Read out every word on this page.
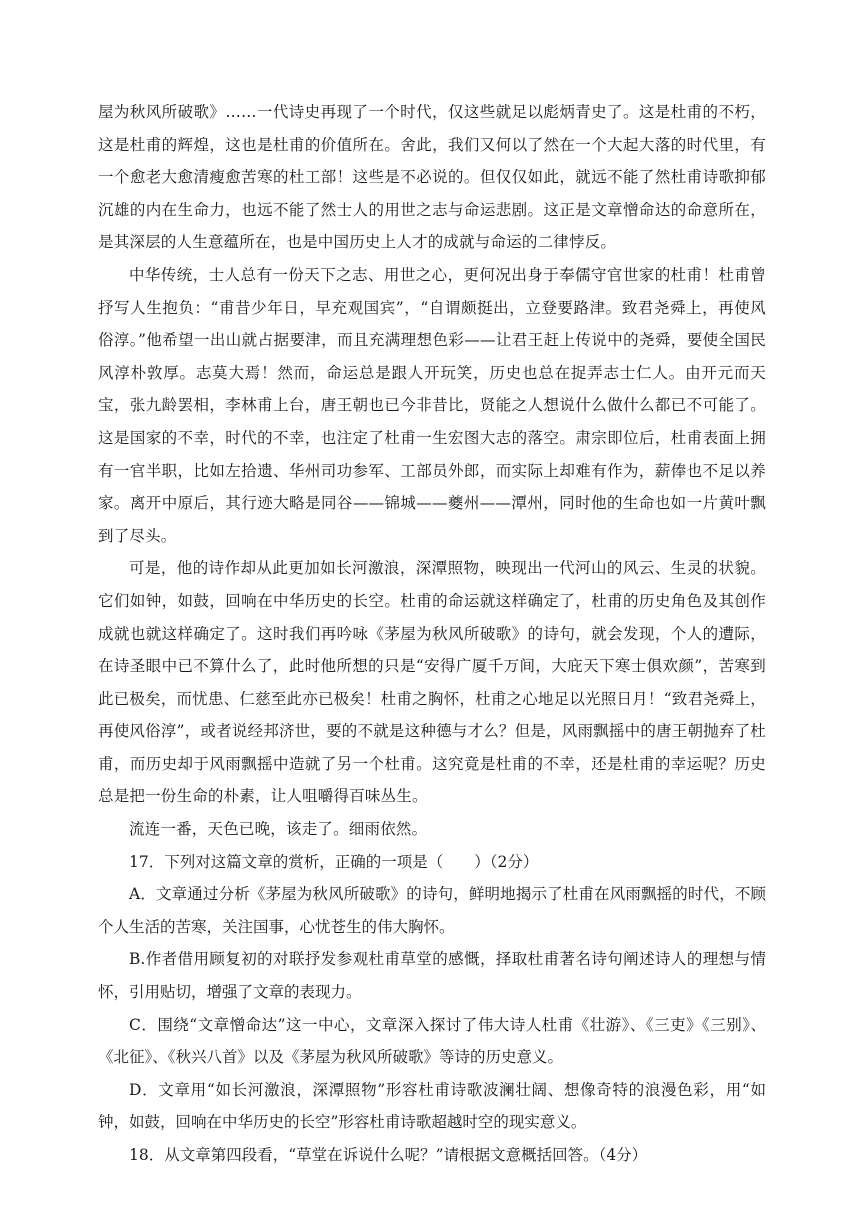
屋为秋风所破歌》……一代诗史再现了一个时代，仅这些就足以彪炳青史了。这是杜甫的不朽，这是杜甫的辉煌，这也是杜甫的价值所在。舍此，我们又何以了然在一个大起大落的时代里，有一个愈老大愈清瘦愈苦寒的杜工部！这些是不必说的。但仅仅如此，就远不能了然杜甫诗歌抑郁沉雄的内在生命力，也远不能了然士人的用世之志与命运悲剧。这正是文章憎命达的命意所在，是其深层的人生意蕴所在，也是中国历史上人才的成就与命运的二律悖反。

中华传统，士人总有一份天下之志、用世之心，更何况出身于奉儒守官世家的杜甫！杜甫曾抒写人生抱负：“甫昔少年日，早充观国宾”，“自谓颇挺出，立登要路津。致君尧舜上，再使风俗淳。”他希望一出山就占据要津，而且充满理想色彩——让君王赶上传说中的尧舜，要使全国民风淳朴敦厚。志莫大焉！然而，命运总是跟人开玩笑，历史也总在捉弄志士仁人。由开元而天宝，张九龄罢相，李林甫上台，唐王朝也已今非昔比，贤能之人想说什么做什么都已不可能了。这是国家的不幸，时代的不幸，也注定了杜甫一生宏图大志的落空。肃宗即位后，杜甫表面上拥有一官半职，比如左拾遗、华州司功参军、工部员外郎，而实际上却难有作为，薪俸也不足以养家。离开中原后，其行迹大略是同谷——锦城——夔州——潭州，同时他的生命也如一片黄叶飘到了尽头。

可是，他的诗作却从此更加如长河激浪，深潭照物，映现出一代河山的风云、生灵的状貌。它们如钟，如鼓，回响在中华历史的长空。杜甫的命运就这样确定了，杜甫的历史角色及其创作成就也就这样确定了。这时我们再吟咏《茅屋为秋风所破歌》的诗句，就会发现，个人的遭际，在诗圣眼中已不算什么了，此时他所想的只是“安得广厦千万间，大庇天下寒士俱欢颜”，苦寒到此已极矣，而忧患、仁慈至此亦已极矣！杜甫之胸怀，杜甫之心地足以光照日月！“致君尧舜上，再使风俗淳”，或者说经邦济世，要的不就是这种德与才么？但是，风雨飘摇中的唐王朝抛弃了杜甫，而历史却于风雨飘摇中造就了另一个杜甫。这究竟是杜甫的不幸，还是杜甫的幸运呢？历史总是把一份生命的朴素，让人咀嚼得百味丛生。

流连一番，天色已晚，该走了。细雨依然。

17．下列对这篇文章的赏析，正确的一项是（　　）（2分）

A．文章通过分析《茅屋为秋风所破歌》的诗句，鲜明地揭示了杜甫在风雨飘摇的时代，不顾个人生活的苦寒，关注国事，心忧苍生的伟大胸怀。

B.作者借用顾复初的对联抒发参观杜甫草堂的感慨，择取杜甫著名诗句阐述诗人的理想与情怀，引用贴切，增强了文章的表现力。

C．围绕“文章憎命达”这一中心，文章深入探讨了伟大诗人杜甫《壮游》、《三吏》《三别》、《北征》、《秋兴八首》以及《茅屋为秋风所破歌》等诗的历史意义。

D．文章用“如长河激浪，深潭照物”形容杜甫诗歌波澜壮阔、想像奇特的浪漫色彩，用“如钟，如鼓，回响在中华历史的长空”形容杜甫诗歌超越时空的现实意义。

18．从文章第四段看，“草堂在诉说什么呢？”请根据文意概括回答。（4分）
